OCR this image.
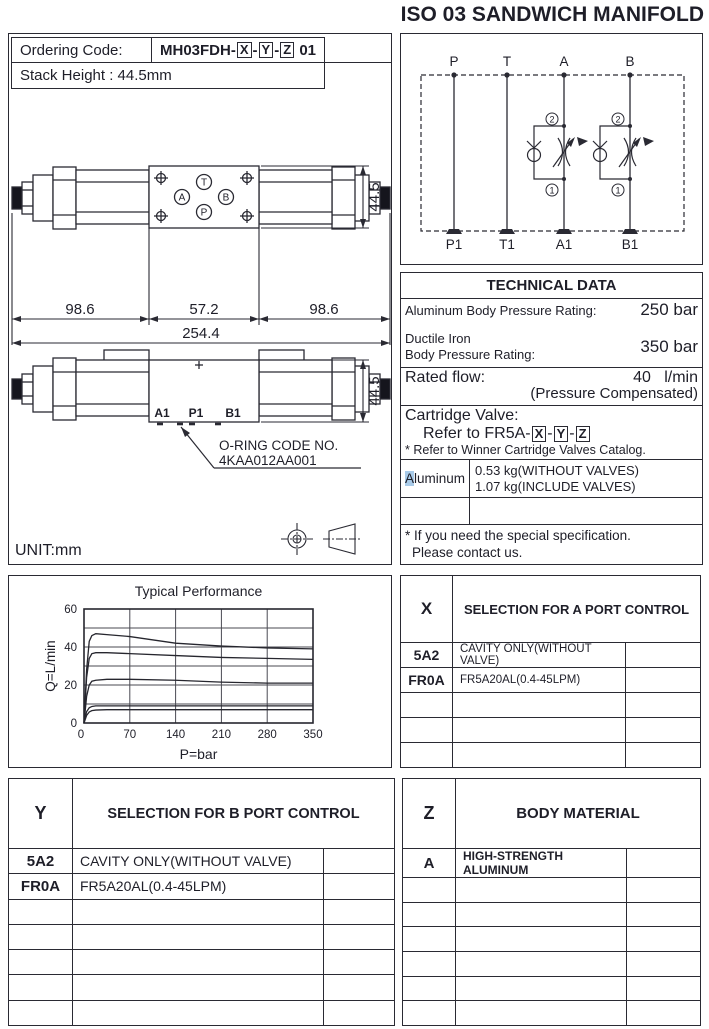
ISO 03 SANDWICH MANIFOLD
Ordering Code:	MH03FDH- X - Y - Z
01
Stack Height : 44.5mm
T
A	B
P
44.5
98.6	57.2	98.6
254.4
A1 P1 B1
O-RING CODE NO.
4KAA012AA001
44.5
UNIT:mm
P	T	A	B
2
1
2
1
P1	T1	A1	B1
TECHNICAL DATA
Aluminum Body Pressure Rating:	250 bar
Ductile Iron
Body Pressure Rating:	350 bar
Rated flow:	40 l/min
(Pressure Compensated)
Cartridge Valve:
Refer to FR5A- X - Y - Z
* Refer to Winner Cartridge Valves Catalog.
A luminum
0.53 kg(WITHOUT VALVES)
1.07 kg(INCLUDE VALVES)
* If you need the special specification.
Please contact us.
0	70	140 210 280 350
0
20
40
60
Typical Performance
P=bar
Q=L/min
X	SELECTION FOR A PORT CONTROL
5A2	CAVITY ONLY(WITHOUT VALVE)
FR0A	FR5A20AL(0.4-45LPM)
Y	SELECTION FOR B PORT CONTROL
5A2	CAVITY ONLY(WITHOUT VALVE)
FR0A	FR5A20AL(0.4-45LPM)
Z	BODY MATERIAL
A	HIGH-STRENGTH ALUMINUM
